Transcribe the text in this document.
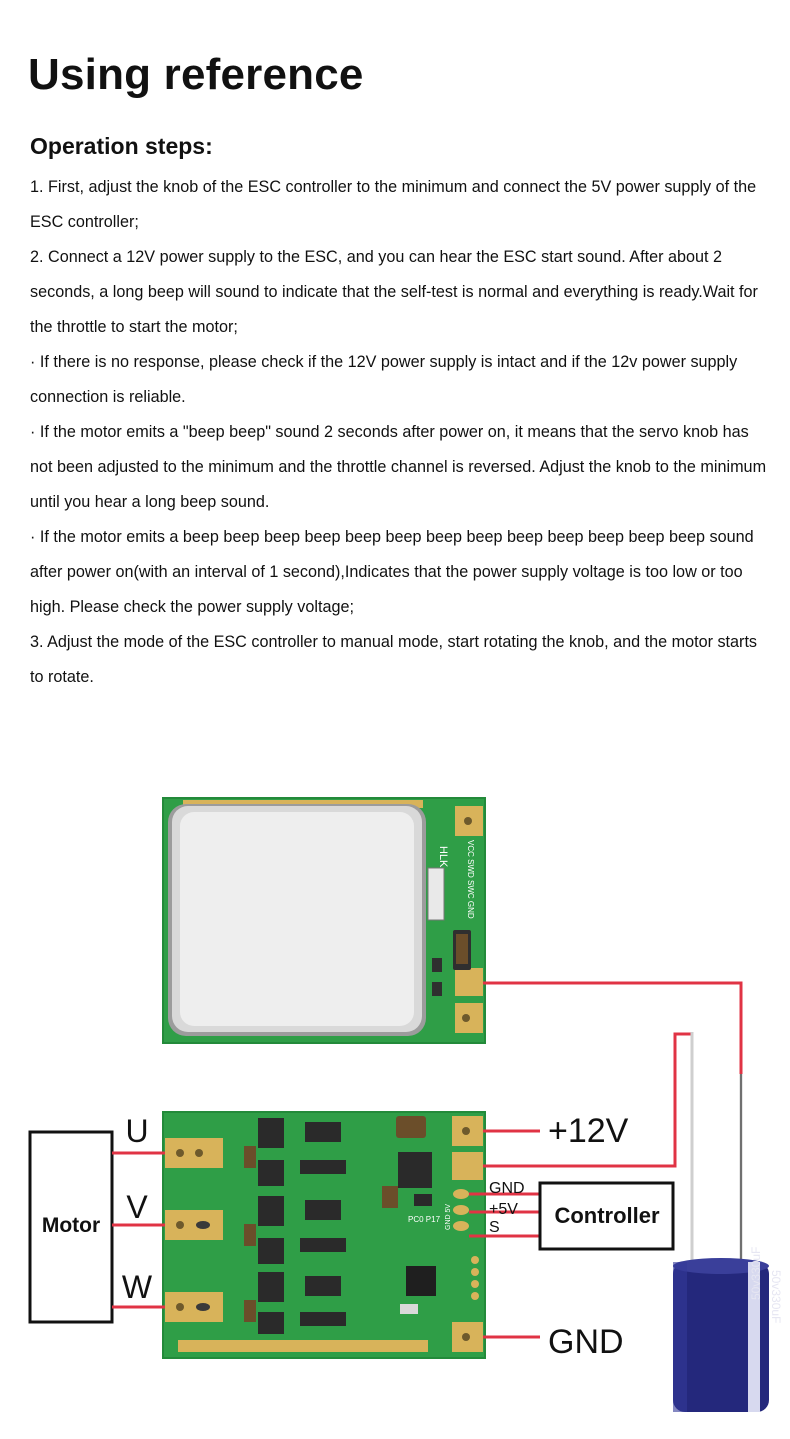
Using reference
Operation steps:

1. First, adjust the knob of the ESC controller to the minimum and connect the 5V power supply of the ESC controller;

2. Connect a 12V power supply to the ESC, and you can hear the ESC start sound. After about 2 seconds, a long beep will sound to indicate that the self-test is normal and everything is ready.Wait for the throttle to start the motor;

· If there is no response, please check if the 12V power supply is intact and if the 12v power supply connection is reliable.

· If the motor emits a "beep beep" sound 2 seconds after power on, it means that the servo knob has not been adjusted to the minimum and the throttle channel is reversed. Adjust the knob to the minimum until you hear a long beep sound.

· If the motor emits a beep beep beep beep beep beep beep beep beep beep beep beep beep sound after power on(with an interval of 1 second),Indicates that the power supply voltage is too low or too high. Please check the power supply voltage;

3. Adjust the mode of the ESC controller to manual mode, start rotating the knob, and the motor starts to rotate.

HLK VCC SWD SWC GND
PC0 P17 GND 5V
Motor
U
V
W
+12V
GND
GND
+5V
S Controller
50v330uF
50v330uF
